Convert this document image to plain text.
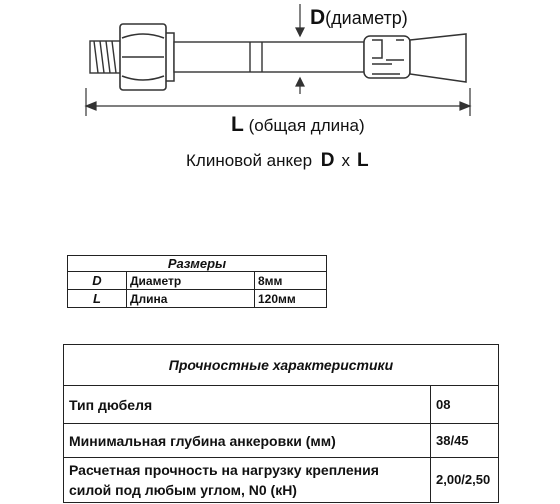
D(диаметр)
L (общая длина)
Клиновой анкер D x L
Размеры		
D	Диаметр	8мм
L	Длина	120мм
Прочностные характеристики	
Тип дюбеля	08
Минимальная глубина анкеровки (мм)	38/45
Расчетная прочность на нагрузку крепления силой под любым углом, N0 (кН)	2,00/2,50
